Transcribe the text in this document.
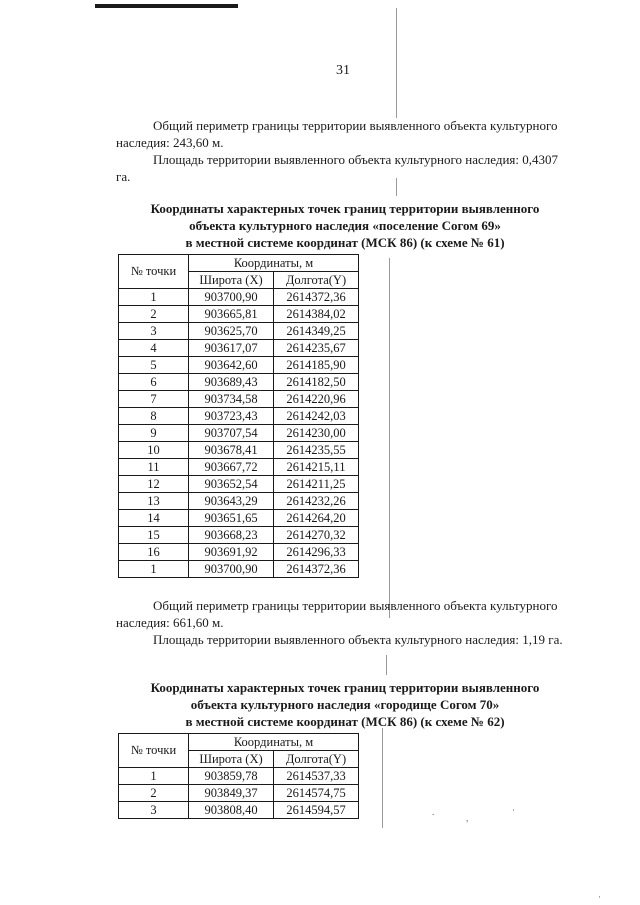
31

Общий периметр границы территории выявленного объекта культурного наследия: 243,60 м.

Площадь территории выявленного объекта культурного наследия: 0,4307 га.

Координаты характерных точек границ территории выявленного
объекта культурного наследия «поселение Согом 69»
в местной системе координат (МСК 86) (к схеме № 61)
№ точки	Координаты, м	
	Широта (X)	Долгота(Y)
1	903700,90	2614372,36
2	903665,81	2614384,02
3	903625,70	2614349,25
4	903617,07	2614235,67
5	903642,60	2614185,90
6	903689,43	2614182,50
7	903734,58	2614220,96
8	903723,43	2614242,03
9	903707,54	2614230,00
10	903678,41	2614235,55
11	903667,72	2614215,11
12	903652,54	2614211,25
13	903643,29	2614232,26
14	903651,65	2614264,20
15	903668,23	2614270,32
16	903691,92	2614296,33
1	903700,90	2614372,36

Общий периметр границы территории выявленного объекта культурного наследия: 661,60 м.

Площадь территории выявленного объекта культурного наследия: 1,19 га.

Координаты характерных точек границ территории выявленного
объекта культурного наследия «городище Согом 70»
в местной системе координат (МСК 86) (к схеме № 62)
№ точки	Координаты, м	
	Широта (X)	Долгота(Y)
1	903859,78	2614537,33
2	903849,37	2614574,75
3	903808,40	2614594,57	.
,
·
·
